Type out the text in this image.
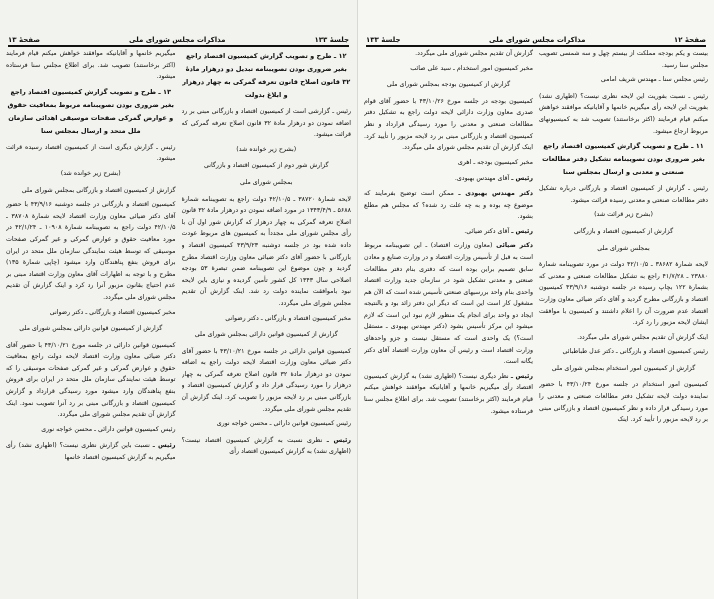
صفحهٔ ۱۲
مذاکرات مجلس شورای ملی
جلسهٔ ۱۳۳

بیست و یکم بودجه مملکت از بیستم چهل و سه شمسی تصویب مجلس سنا رسید.

رئیس مجلس سنا ـ مهندس شریف امامی

رئیس ـ نسبت بفوریت این لایحه نظری نیست؟ (اظهاری نشد) بفوریت این لایحه رأی میگیریم خانمها و آقایانیکه موافقند خواهش میکنم قیام فرمایند (اکثر برخاستند) تصویب شد به کمیسیونهای مربوط ارجاع میشود.

۱۱ ـ طرح و تصویب گزارش کمیسیون اقتصاد راجع بغیر ضروری بودن تصویبنامه تشکیل دفتر مطالعات صنعتی و معدنی و ارسال بمجلس سنا

رئیس ـ گزارش از کمیسیون اقتصاد و بازرگانی درباره تشکیل دفتر مطالعات صنعتی و معدنی رسیده قرائت میشود.

(بشرح زیر قرائت شد)

گزارش از کمیسیون اقتصاد و بازرگانی

بمجلس شورای ملی

لایحه شمارهٔ ۳۸۶۸۲ ـ ۴۲/۱۰/۵ دولت در مورد تصویبنامه شمارهٔ ۲۳۸۸۰ ـ ۴۱/۷/۲۸ راجع به تشکیل مطالعات صنعتی و معدنی که بشمارهٔ ۱۲۲ بچاپ رسیده در جلسه دوشنبه ۴۳/۹/۱۶ کمیسیون اقتصاد و بازرگانی مطرح گردید و آقای دکتر ضیائی معاون وزارت اقتصاد عدم ضرورت آن را اعلام داشتند و کمیسیون با موافقت ایشان لایحه مزبور را رد کرد.

اینک گزارش آن تقدیم مجلس شورای ملی میگردد.

رئیس کمیسیون اقتصاد و بازرگانی ـ دکتر عدل طباطبائی

گزارش از کمیسیون امور استخدام بمجلس شورای ملی

کمیسیون امور استخدام در جلسه مورخ ۴۳/۱۰/۲۴ با حضور نماینده دولت لایحه تشکیل دفتر مطالعات صنعتی و معدنی را مورد رسیدگی قرار داده و نظر کمیسیون اقتصاد و بازرگانی مبنی بر رد لایحه مزبور را تأیید کرد. اینک

گزارش آن تقدیم مجلس شورای ملی میگردد.

مخبر کمیسیون امور استخدام ـ سید علی صائب

گزارش از کمیسیون بودجه بمجلس شورای ملی

کمیسیون بودجه در جلسه مورخ ۴۳/۱۰/۲۶ با حضور آقای قوام صدری معاون وزارت دارائی لایحه دولت راجع به تشکیل دفتر مطالعات صنعتی و معدنی را مورد رسیدگی قرارداد و نظر کمیسیون اقتصاد و بازرگانی مبنی بر رد لایحه مزبور را تأیید کرد. اینک گزارش آن تقدیم مجلس شورای ملی میگردد.

مخبر کمیسیون بودجه ـ اهری

رئیس ـ آقای مهندس بهبودی.

دکتر مهندس بهبودی ـ ممکن است توضیح بفرمایند که موضوع چه بوده و به چه علت رد شده؟ که مجلس هم مطلع بشود.

رئیس ـ آقای دکتر ضیائی.

دکتر ضیائی (معاون وزارت اقتصاد) ـ این تصویبنامه مربوط است به قبل از تأسیس وزارت اقتصاد و در وزارت صنایع و معادن سابق تصمیم براین بوده است که دفتری بنام دفتر مطالعات صنعتی و معدنی تشکیل شود در سازمان جدید وزارت اقتصاد واحدی بنام واحد بررسیهای صنعتی تأسیس شده است که الآن هم مشغول کار است این است که دیگر این دفتر زائد بود و بالنتیجه ایجاد دو واحد برای انجام یک منظور لازم نبود این است که لازم میشود این مرکز تأسیس بشود (دکتر مهندس بهبودی ـ مستقل است؟) یک واحدی است که مستقل نیست و جزو واحدهای وزارت اقتصاد است و رئیس آن معاون وزارت اقتصاد آقای دکتر یگانه است.

رئیس ـ نظر دیگری نیست؟ (اظهاری نشد) به گزارش کمیسیون اقتصاد رأی میگیریم خانمها و آقایانیکه موافقند خواهش میکنم قیام فرمایند (اکثر برخاستند) تصویب شد. برای اطلاع مجلس سنا فرستاده میشود.

جلسهٔ ۱۳۳
مذاکرات مجلس شورای ملی
صفحهٔ ۱۳

۱۲ ـ طرح و تصویب گزارش کمیسیون اقتصاد راجع بغیر ضروری بودن تصویبنامه تبدیل دو درهزار مادهٔ ۳۲ قانون اصلاح قانون تعرفه گمرکی به چهار درهزار و ابلاغ بدولت

رئیس ـ گزارشی است از کمیسیون اقتصاد و بازرگانی مبنی بر رد اضافه نمودن دو درهزار مادهٔ ۳۲ قانون اصلاح تعرفه گمرکی که قرائت میشود.

(بشرح زیر خوانده شد)

گزارش شور دوم از کمیسیون اقتصاد و بازرگانی

بمجلس شورای ملی

لایحه شمارهٔ ۳۸۷۲۰ ـ ۴۲/۱۰/۵ دولت راجع به تصویبنامه شمارهٔ ۵۶۸۸ ـ ۱۳۴۳/۴/۹ در مورد اضافه نمودن دو درهزار مادهٔ ۳۲ قانون اصلاح تعرفه گمرکی به چهار درهزار که گزارش شور اول آن با رأی مجلس شورای ملی مجدداً به کمیسیون های مربوط عودت داده شده بود در جلسه دوشنبه ۴۳/۹/۲۳ کمیسیون اقتصاد و بازرگانی با حضور آقای دکتر ضیائی معاون وزارت اقتصاد مطرح گردید و چون موضوع این تصویبنامه ضمن تبصرهٔ ۵۳ بودجه اصلاحی سال ۱۳۴۳ کل کشور تأمین گردیده و نیازی باین لایحه نبود باموافقت نماینده دولت رد شد. اینک گزارش آن تقدیم مجلس شورای ملی میگردد.

مخبر کمیسیون اقتصاد و بازرگانی ـ دکتر رضوانی

گزارش از کمیسیون قوانین دارائی بمجلس شورای ملی

کمیسیون قوانین دارائی در جلسه مورخ ۴۳/۱۰/۲۱ با حضور آقای دکتر ضیائی معاون وزارت اقتصاد لایحه دولت راجع به اضافه نمودن دو درهزار مادهٔ ۳۲ قانون اصلاح تعرفه گمرکی به چهار درهزار را مورد رسیدگی قرار داد و گزارش کمیسیون اقتصاد و بازرگانی مبنی بر رد لایحه مزبور را تصویب کرد. اینک گزارش آن تقدیم مجلس شورای ملی میگردد.

رئیس کمیسیون قوانین دارائی ـ محسن خواجه نوری

رئیس ـ نظری نسبت به گزارش کمیسیون اقتصاد نیست؟ (اظهاری نشد) به گزارش کمیسیون اقتصاد رأی

میگیریم خانمها و آقایانیکه موافقند خواهش میکنم قیام فرمایند (اکثر برخاستند) تصویب شد. برای اطلاع مجلس سنا فرستاده میشود.

۱۳ ـ طرح و تصویب گزارش کمیسیون اقتصاد راجع بغیر ضروری بودن تصویبنامه مربوط بمعافیت حقوق و عوارض گمرکی صفحات موسیقی اهدائی سازمان ملل متحد و ارسال بمجلس سنا

رئیس ـ گزارش دیگری است از کمیسیون اقتصاد رسیده قرائت میشود.

(بشرح زیر خوانده شد)

گزارش از کمیسیون اقتصاد و بازرگانی بمجلس شورای ملی

کمیسیون اقتصاد و بازرگانی در جلسه دوشنبه ۴۳/۹/۱۶ با حضور آقای دکتر ضیائی معاون وزارت اقتصاد لایحه شمارهٔ ۳۸۷۰۸ ـ ۴۲/۱۰/۵ دولت راجع به تصویبنامه شمارهٔ ۱۰۹۰۸ ـ ۴۲/۱/۲۴ در مورد معافیت حقوق و عوارض گمرکی و غیر گمرکی صفحات موسیقی که توسط هیئت نمایندگی سازمان ملل متحد در ایران برای فروش بنفع پناهندگان وارد میشود (چاپی شمارهٔ ۱۳۵) مطرح و با توجه به اظهارات آقای معاون وزارت اقتصاد مبنی بر عدم احتیاج بقانون مزبور آنرا رد کرد و اینک گزارش آن تقدیم مجلس شورای ملی میگردد.

مخبر کمیسیون اقتصاد و بازرگانی ـ دکتر رضوانی

گزارش از کمیسیون قوانین دارائی بمجلس شورای ملی

کمیسیون قوانین دارائی در جلسه مورخ ۴۳/۱۰/۲۱ با حضور آقای دکتر ضیائی معاون وزارت اقتصاد لایحه دولت راجع بمعافیت حقوق و عوارض گمرکی و غیر گمرکی صفحات موسیقی را که توسط هیئت نمایندگی سازمان ملل متحد در ایران برای فروش بنفع پناهندگان وارد میشود مورد رسیدگی قرارداد و گزارش کمیسیون اقتصاد و بازرگانی مبنی بر رد آنرا تصویب نمود. اینک گزارش آن تقدیم مجلس شورای ملی میگردد.

رئیس کمیسیون قوانین دارائی ـ محسن خواجه نوری

رئیس ـ نسبت باین گزارش نظری نیست؟ (اظهاری نشد) رأی میگیریم به گزارش کمیسیون اقتصاد خانمها
